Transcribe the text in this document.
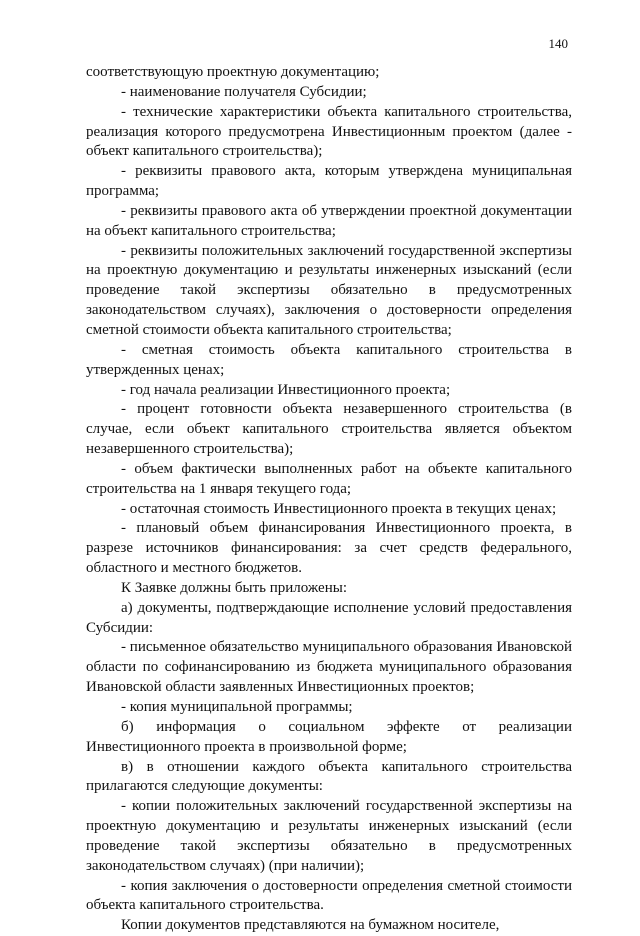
140

соответствующую проектную документацию;

- наименование получателя Субсидии;

- технические характеристики объекта капитального строительства, реализация которого предусмотрена Инвестиционным проектом (далее - объект капитального строительства);

- реквизиты правового акта, которым утверждена муниципальная программа;

- реквизиты правового акта об утверждении проектной документации на объект капитального строительства;

- реквизиты положительных заключений государственной экспертизы на проектную документацию и результаты инженерных изысканий (если проведение такой экспертизы обязательно в предусмотренных законодательством случаях), заключения о достоверности определения сметной стоимости объекта капитального строительства;

- сметная стоимость объекта капитального строительства в утвержденных ценах;

- год начала реализации Инвестиционного проекта;

- процент готовности объекта незавершенного строительства (в случае, если объект капитального строительства является объектом незавершенного строительства);

- объем фактически выполненных работ на объекте капитального строительства на 1 января текущего года;

- остаточная стоимость Инвестиционного проекта в текущих ценах;

- плановый объем финансирования Инвестиционного проекта, в разрезе источников финансирования: за счет средств федерального, областного и местного бюджетов.

К Заявке должны быть приложены:

а) документы, подтверждающие исполнение условий предоставления Субсидии:

- письменное обязательство муниципального образования Ивановской области по софинансированию из бюджета муниципального образования Ивановской области заявленных Инвестиционных проектов;

- копия муниципальной программы;

б) информация о социальном эффекте от реализации Инвестиционного проекта в произвольной форме;

в) в отношении каждого объекта капитального строительства прилагаются следующие документы:

- копии положительных заключений государственной экспертизы на проектную документацию и результаты инженерных изысканий (если проведение такой экспертизы обязательно в предусмотренных законодательством случаях) (при наличии);

- копия заключения о достоверности определения сметной стоимости объекта капитального строительства.

Копии документов представляются на бумажном носителе,
